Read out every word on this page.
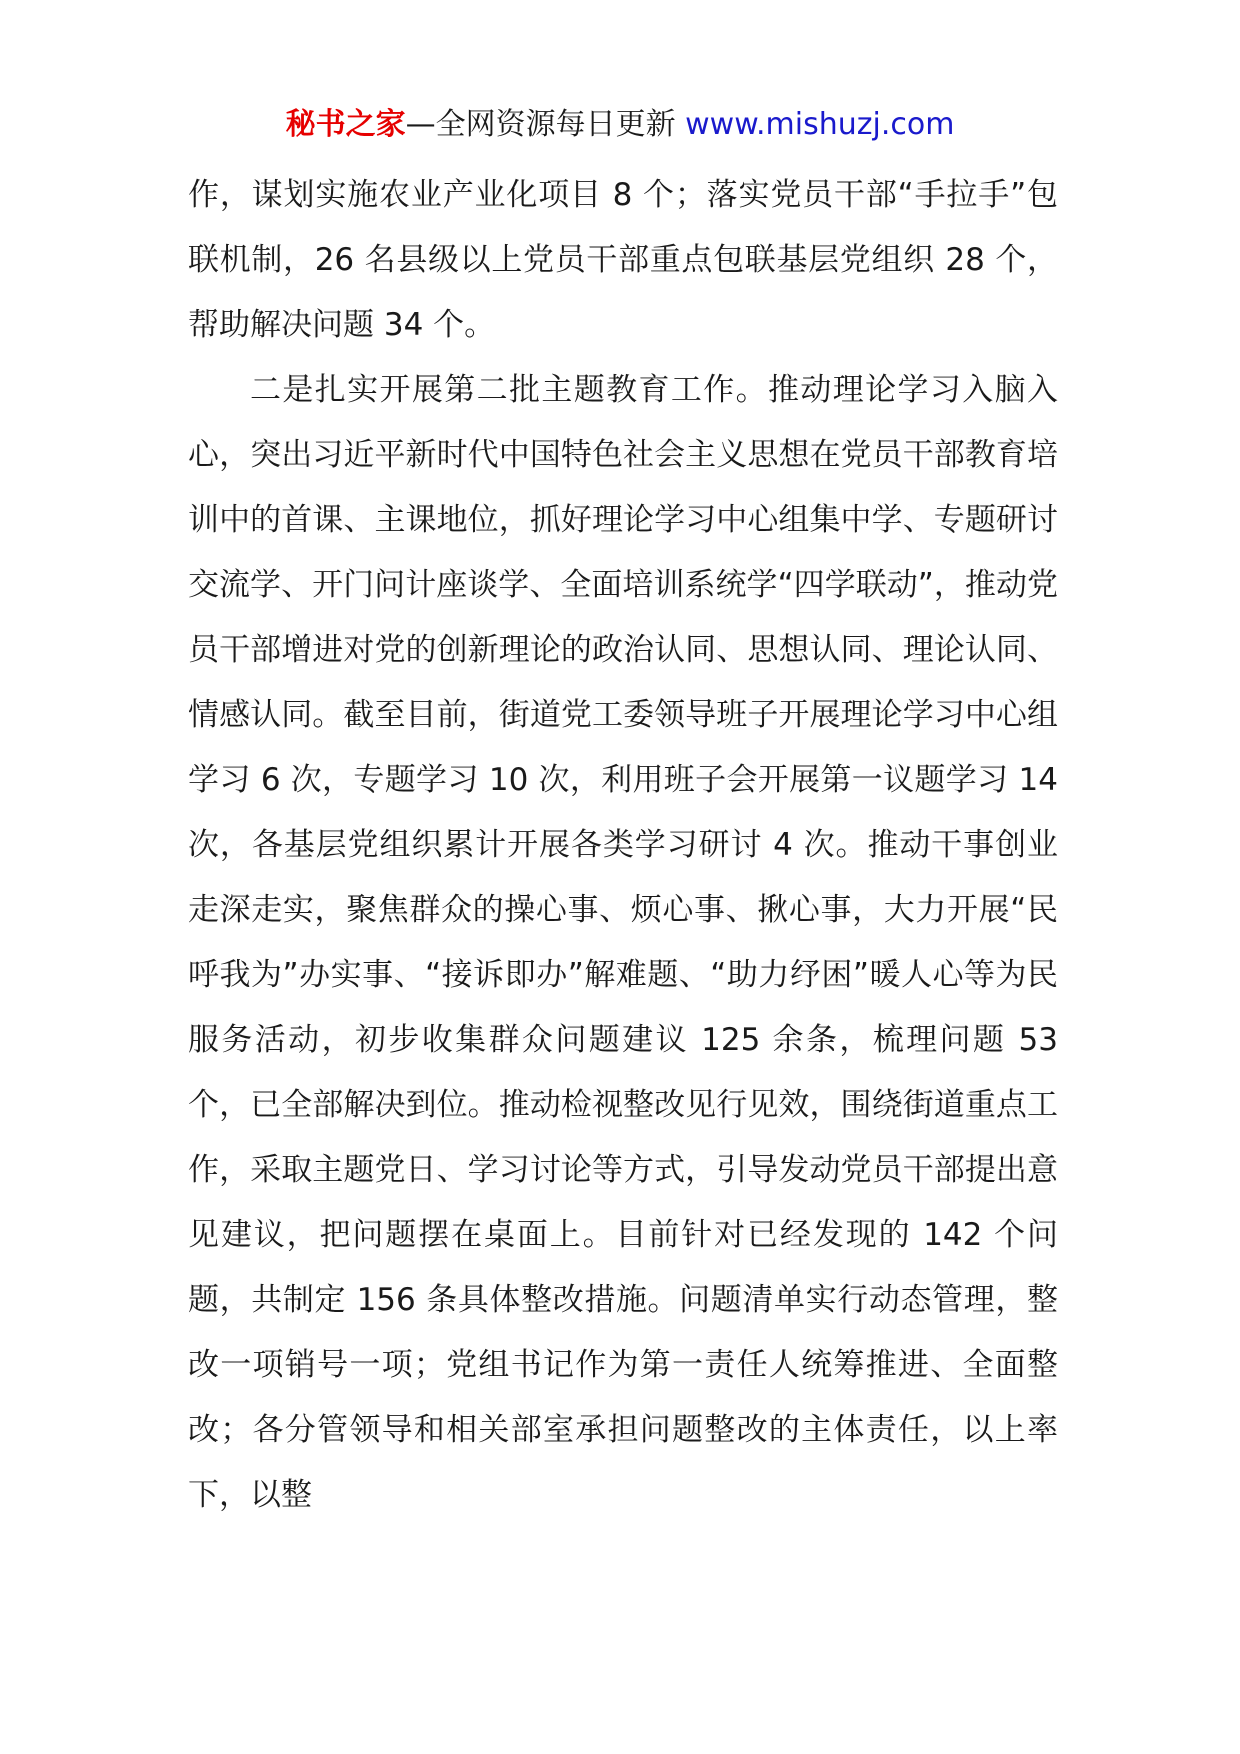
秘书之家—全网资源每日更新 www.mishuzj.com

作，谋划实施农业产业化项目 8 个；落实党员干部“手拉手”包联机制，26 名县级以上党员干部重点包联基层党组织 28 个，帮助解决问题 34 个。

二是扎实开展第二批主题教育工作。推动理论学习入脑入心，突出习近平新时代中国特色社会主义思想在党员干部教育培训中的首课、主课地位，抓好理论学习中心组集中学、专题研讨交流学、开门问计座谈学、全面培训系统学“四学联动”，推动党员干部增进对党的创新理论的政治认同、思想认同、理论认同、情感认同。截至目前，街道党工委领导班子开展理论学习中心组学习 6 次，专题学习 10 次，利用班子会开展第一议题学习 14 次，各基层党组织累计开展各类学习研讨 4 次。推动干事创业走深走实，聚焦群众的操心事、烦心事、揪心事，大力开展“民呼我为”办实事、“接诉即办”解难题、“助力纾困”暖人心等为民服务活动，初步收集群众问题建议 125 余条，梳理问题 53 个，已全部解决到位。推动检视整改见行见效，围绕街道重点工作，采取主题党日、学习讨论等方式，引导发动党员干部提出意见建议，把问题摆在桌面上。目前针对已经发现的 142 个问题，共制定 156 条具体整改措施。问题清单实行动态管理，整改一项销号一项；党组书记作为第一责任人统筹推进、全面整改；各分管领导和相关部室承担问题整改的主体责任，以上率下，以整
